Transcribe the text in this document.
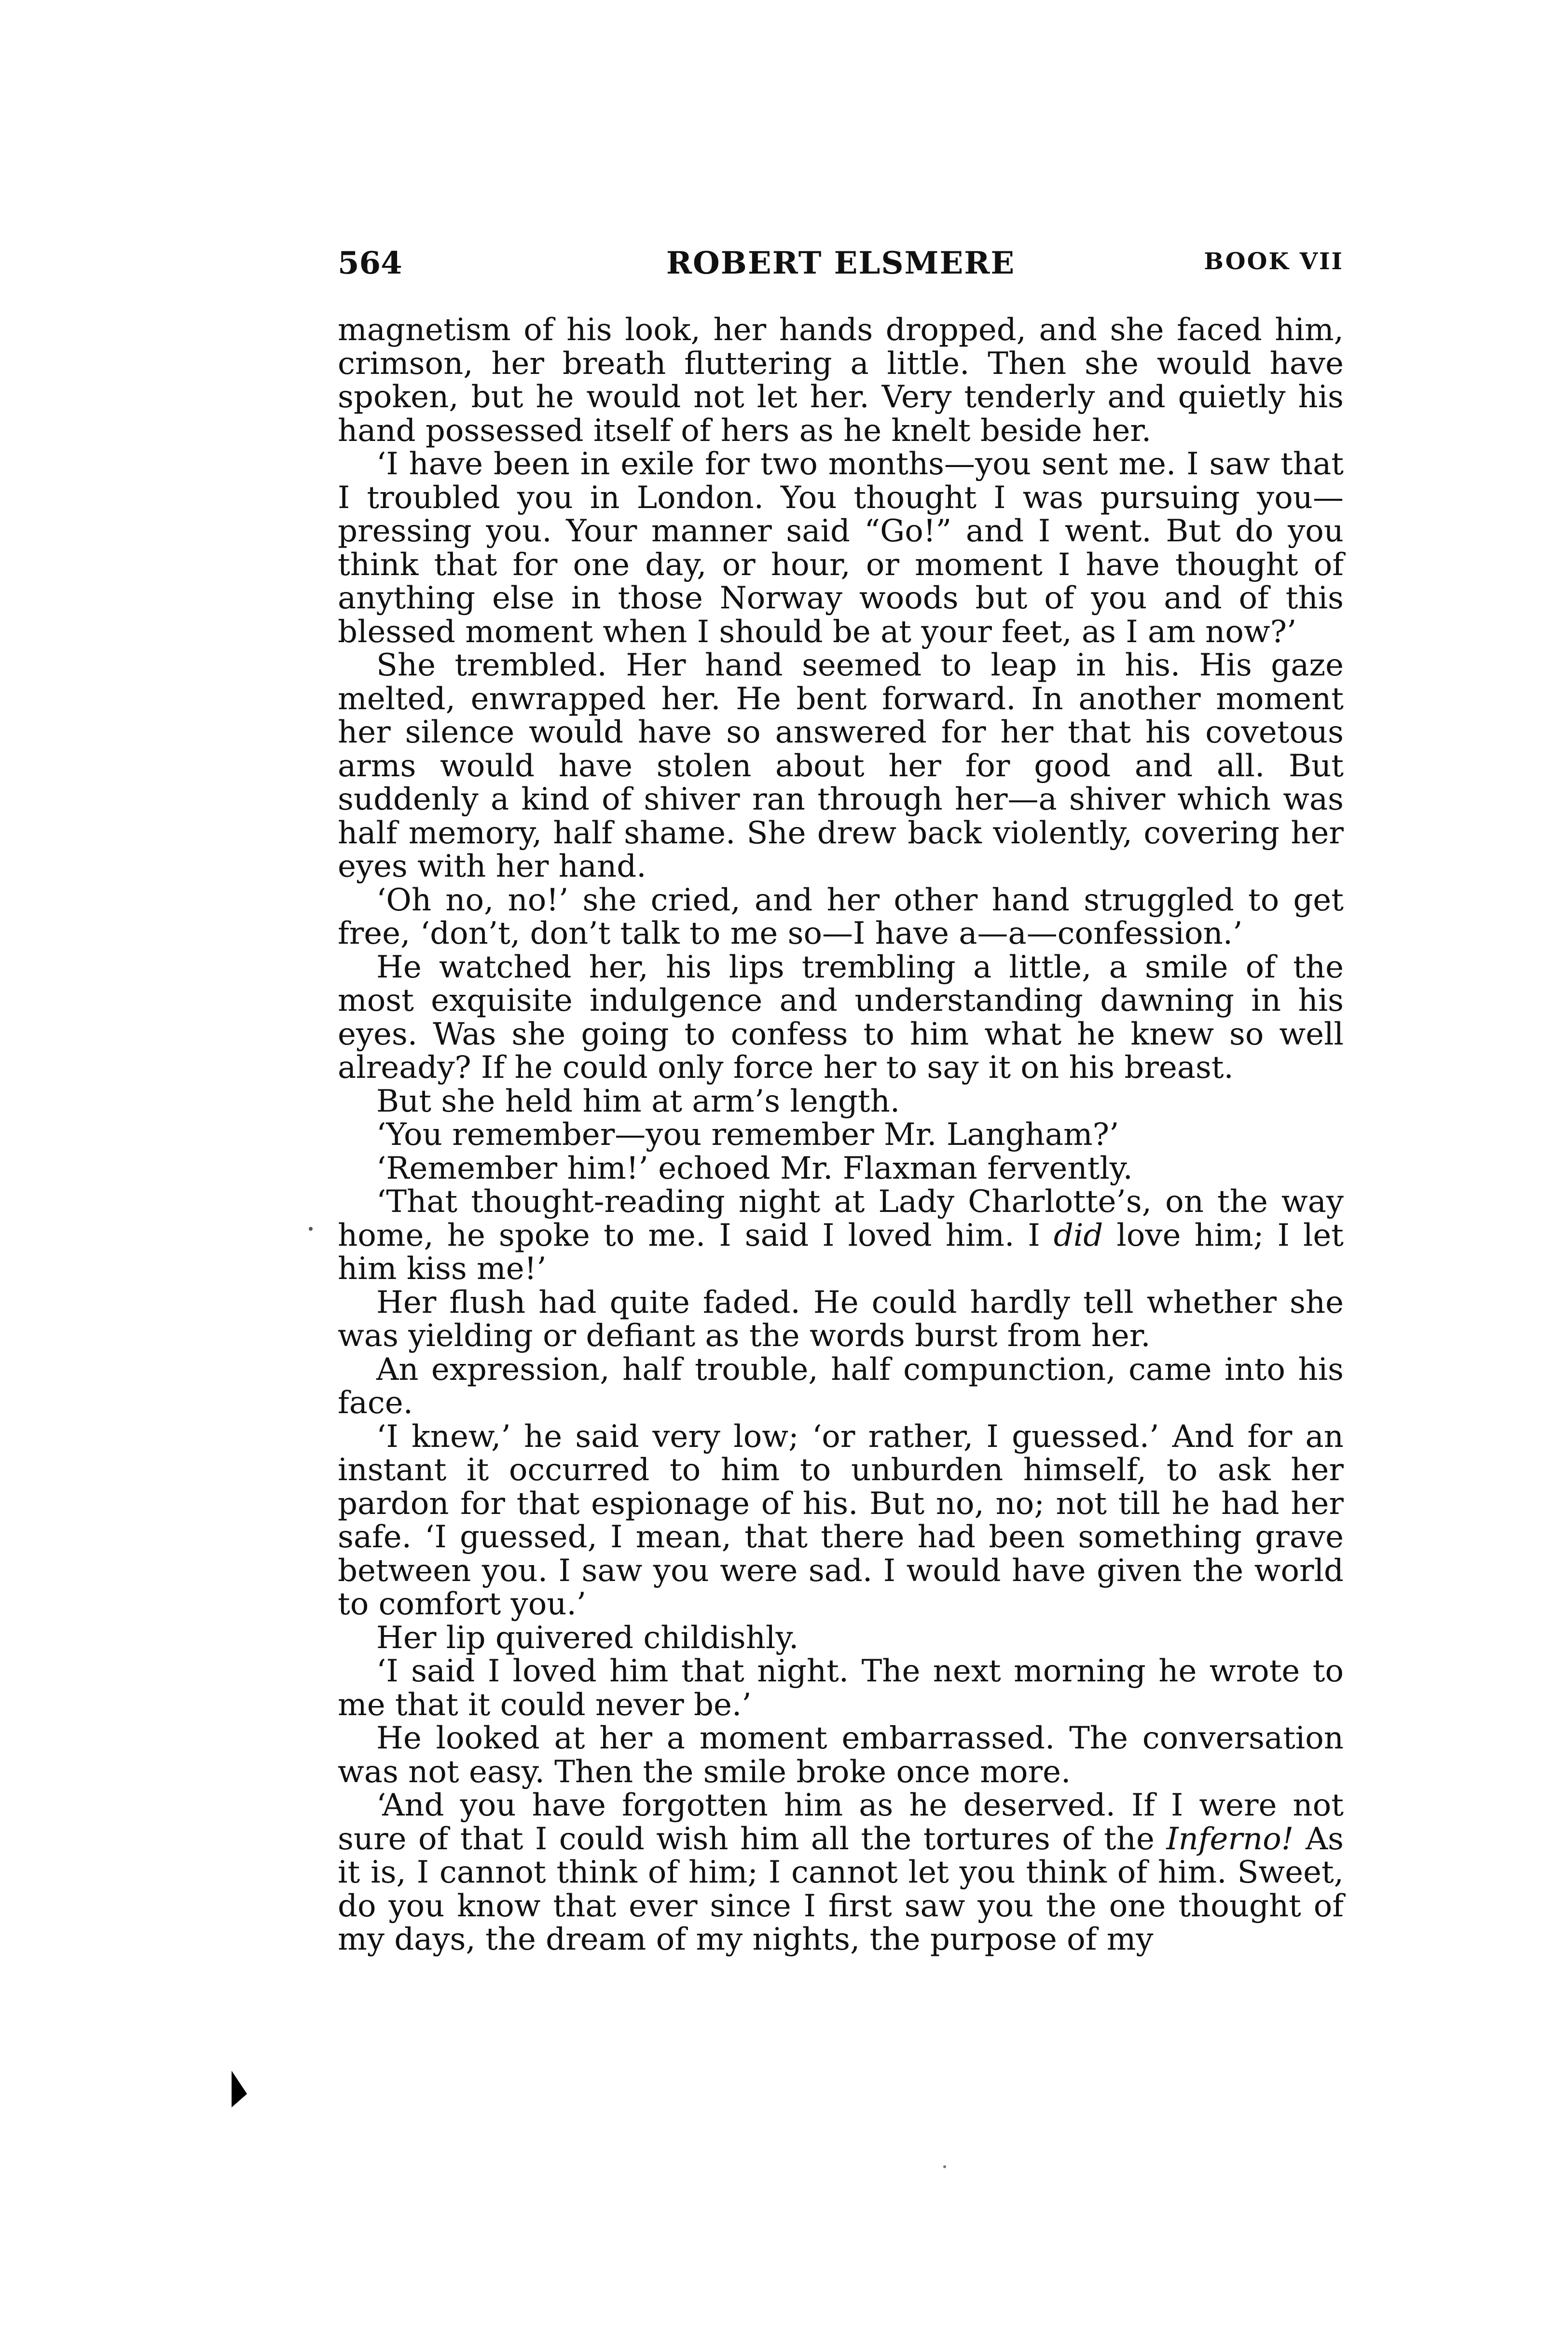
564	ROBERT ELSMERE	BOOK VII

magnetism of his look, her hands dropped, and she faced him, crimson, her breath fluttering a little. Then she would have spoken, but he would not let her. Very tenderly and quietly his hand possessed itself of hers as he knelt beside her.

‘I have been in exile for two months—you sent me. I saw that I troubled you in London. You thought I was pursuing you—pressing you. Your manner said “Go!” and I went. But do you think that for one day, or hour, or moment I have thought of anything else in those Norway woods but of you and of this blessed moment when I should be at your feet, as I am now?’

She trembled. Her hand seemed to leap in his. His gaze melted, enwrapped her. He bent forward. In another moment her silence would have so answered for her that his covetous arms would have stolen about her for good and all. But suddenly a kind of shiver ran through her—a shiver which was half memory, half shame. She drew back violently, covering her eyes with her hand.

‘Oh no, no!’ she cried, and her other hand struggled to get free, ‘don’t, don’t talk to me so—I have a—a—confession.’

He watched her, his lips trembling a little, a smile of the most exquisite indulgence and understanding dawning in his eyes. Was she going to confess to him what he knew so well already? If he could only force her to say it on his breast.

But she held him at arm’s length.

‘You remember—you remember Mr. Langham?’

‘Remember him!’ echoed Mr. Flaxman fervently.

‘That thought-reading night at Lady Charlotte’s, on the way home, he spoke to me. I said I loved him. I did love him; I let him kiss me!’

Her flush had quite faded. He could hardly tell whether she was yielding or defiant as the words burst from her.

An expression, half trouble, half compunction, came into his face.

‘I knew,’ he said very low; ‘or rather, I guessed.’ And for an instant it occurred to him to unburden himself, to ask her pardon for that espionage of his. But no, no; not till he had her safe. ‘I guessed, I mean, that there had been something grave between you. I saw you were sad. I would have given the world to comfort you.’

Her lip quivered childishly.

‘I said I loved him that night. The next morning he wrote to me that it could never be.’

He looked at her a moment embarrassed. The conversation was not easy. Then the smile broke once more.

‘And you have forgotten him as he deserved. If I were not sure of that I could wish him all the tortures of the Inferno! As it is, I cannot think of him; I cannot let you think of him. Sweet, do you know that ever since I first saw you the one thought of my days, the dream of my nights, the purpose of my
